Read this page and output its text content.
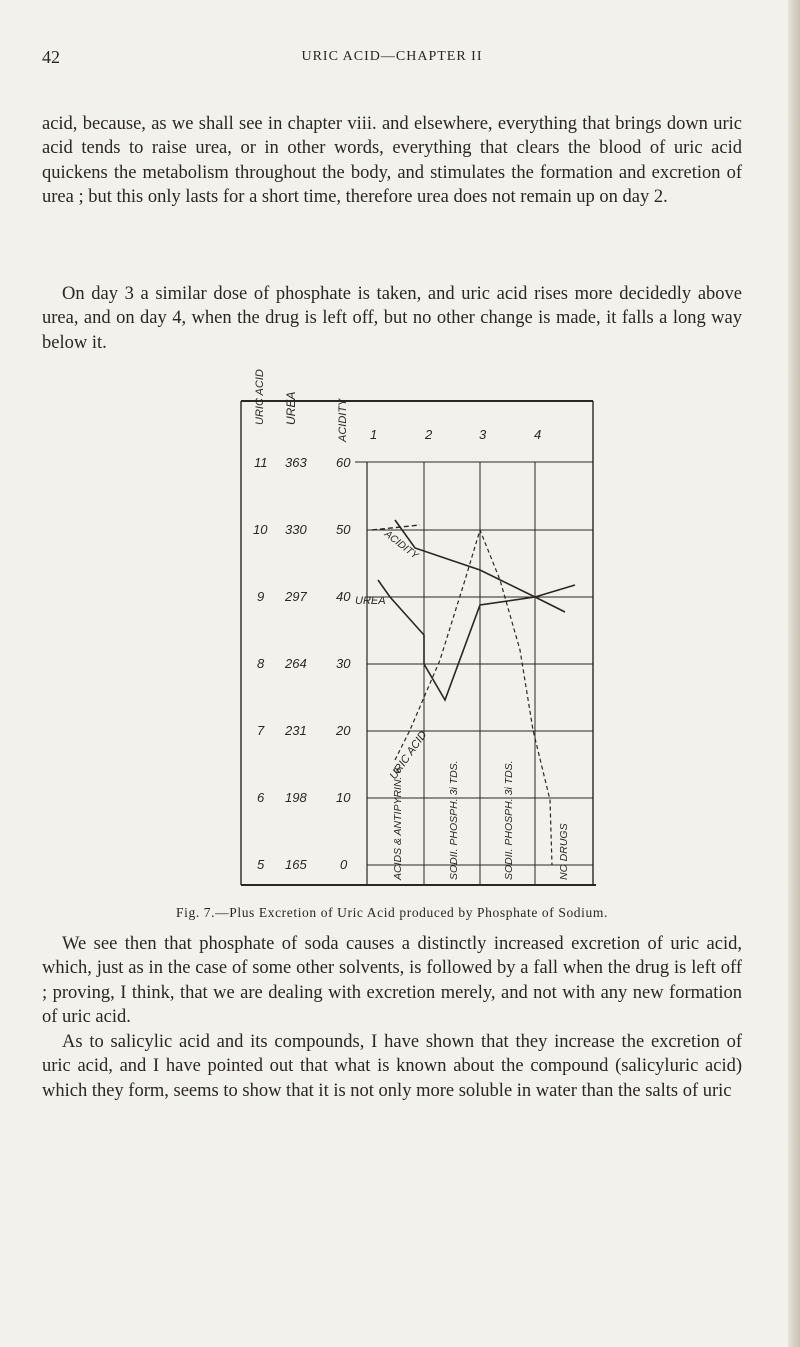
42	URIC ACID—CHAPTER II

acid, because, as we shall see in chapter viii. and elsewhere, everything that brings down uric acid tends to raise urea, or in other words, everything that clears the blood of uric acid quickens the metabolism throughout the body, and stimulates the formation and excretion of urea ; but this only lasts for a short time, therefore urea does not remain up on day 2.

On day 3 a similar dose of phosphate is taken, and uric acid rises more decidedly above urea, and on day 4, when the drug is left off, but no other change is made, it falls a long way below it.

URIC ACID UREA	ACIDITY 1	2	3	4
11 363 60
10 330 50
9 297 40
8 264 30
7 231 20
6 198 10
5 165	0
UREA
URIC ACID
ACIDITY
ACIDS & ANTIPYRIN. 6	SODII. PHOSPH. 3i TDS.	SODII. PHOSPH. 3i TDS.	NO DRUGS
Fig. 7.—Plus Excretion of Uric Acid produced by Phosphate of Sodium.

We see then that phosphate of soda causes a distinctly increased excretion of uric acid, which, just as in the case of some other solvents, is followed by a fall when the drug is left off ; proving, I think, that we are dealing with excretion merely, and not with any new formation of uric acid.

As to salicylic acid and its compounds, I have shown that they increase the excretion of uric acid, and I have pointed out that what is known about the compound (salicyluric acid) which they form, seems to show that it is not only more soluble in water than the salts of uric
